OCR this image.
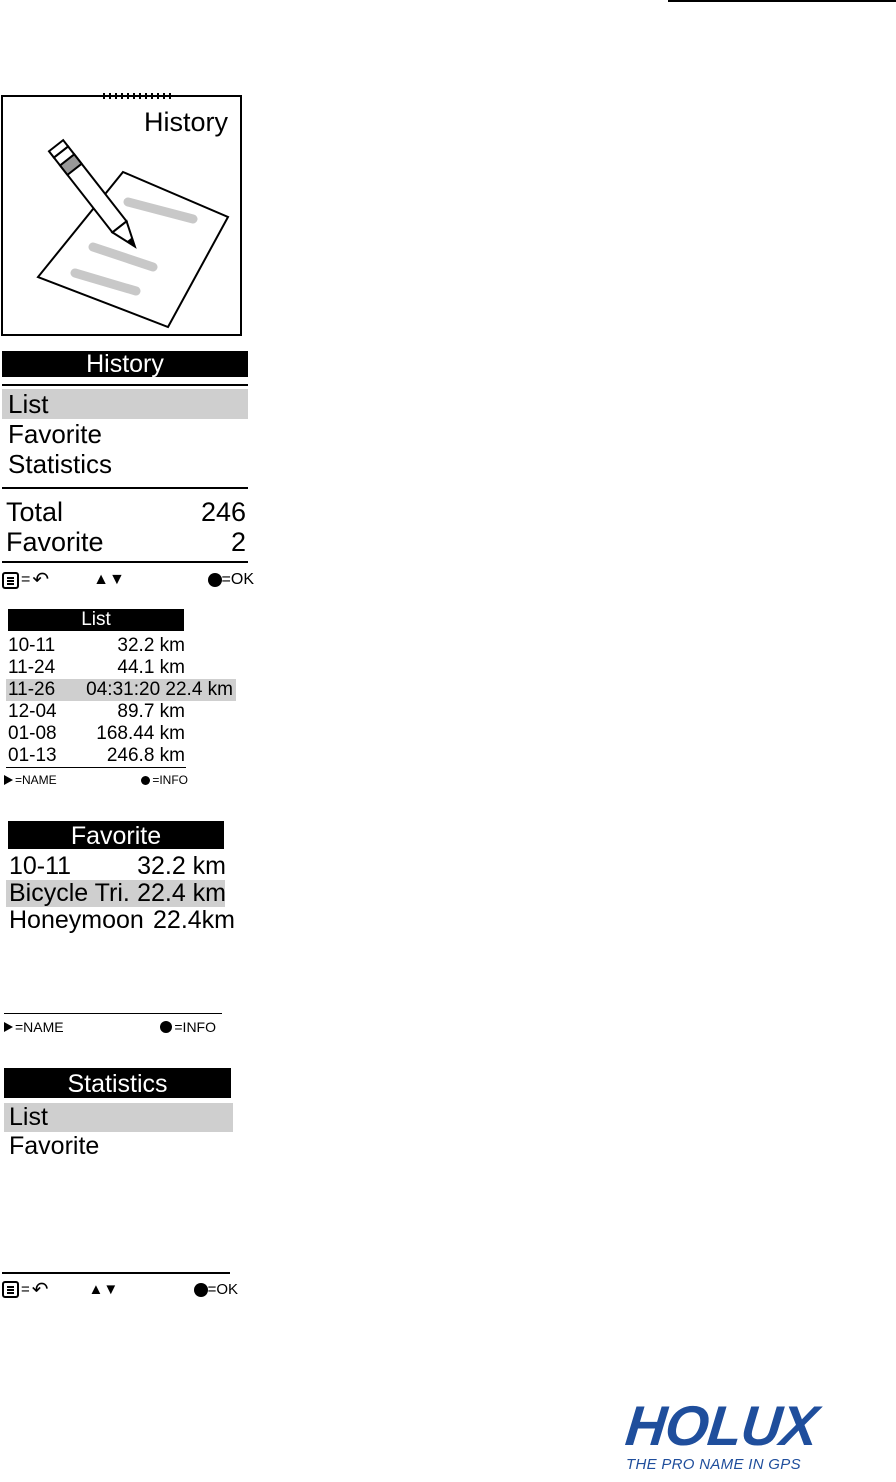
History
History
List
Favorite
Statistics
Total	246
Favorite	2
= ↶	▲▼	=OK
List
10-11	32.2 km
11-24	44.1 km
11-26	04:31:20 22.4 km
12-04	89.7 km
01-08	168.44 km
01-13	246.8 km
=NAME	=INFO
Favorite
10-11	32.2 km
Bicycle Tri. 22.4 km
Honeymoon 22.4km
=NAME	=INFO
Statistics
List
Favorite
= ↶	▲▼	=OK
HOLUX
THE PRO NAME IN GPS
